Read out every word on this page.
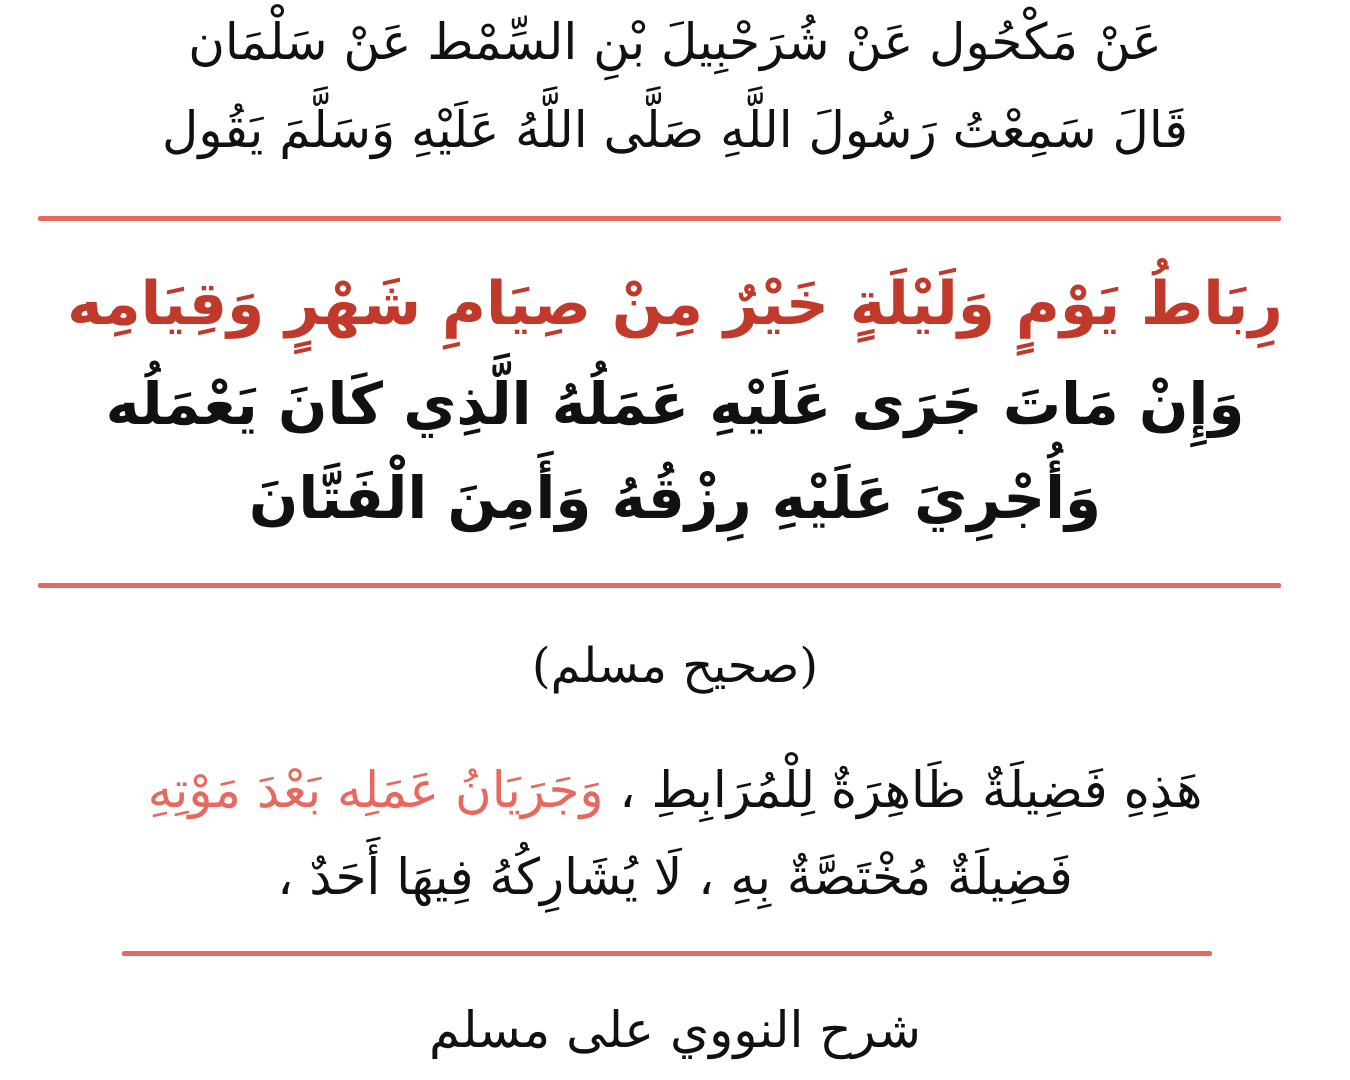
عَنْ مَكْحُول عَنْ شُرَحْبِيلَ بْنِ السِّمْط عَنْ سَلْمَان
قَالَ سَمِعْتُ رَسُولَ اللَّهِ صَلَّى اللَّهُ عَلَيْهِ وَسَلَّمَ يَقُول
رِبَاطُ يَوْمٍ وَلَيْلَةٍ خَيْرٌ مِنْ صِيَامِ شَهْرٍ وَقِيَامِه
وَإِنْ مَاتَ جَرَى عَلَيْهِ عَمَلُهُ الَّذِي كَانَ يَعْمَلُه
وَأُجْرِيَ عَلَيْهِ رِزْقُهُ وَأَمِنَ الْفَتَّانَ
(صحيح مسلم)
هَذِهِ فَضِيلَةٌ ظَاهِرَةٌ لِلْمُرَابِطِ ، وَجَرَيَانُ عَمَلِه بَعْدَ مَوْتِهِ
فَضِيلَةٌ مُخْتَصَّةٌ بِهِ ، لَا يُشَارِكُهُ فِيهَا أَحَدٌ ،
شرح النووي على مسلم
